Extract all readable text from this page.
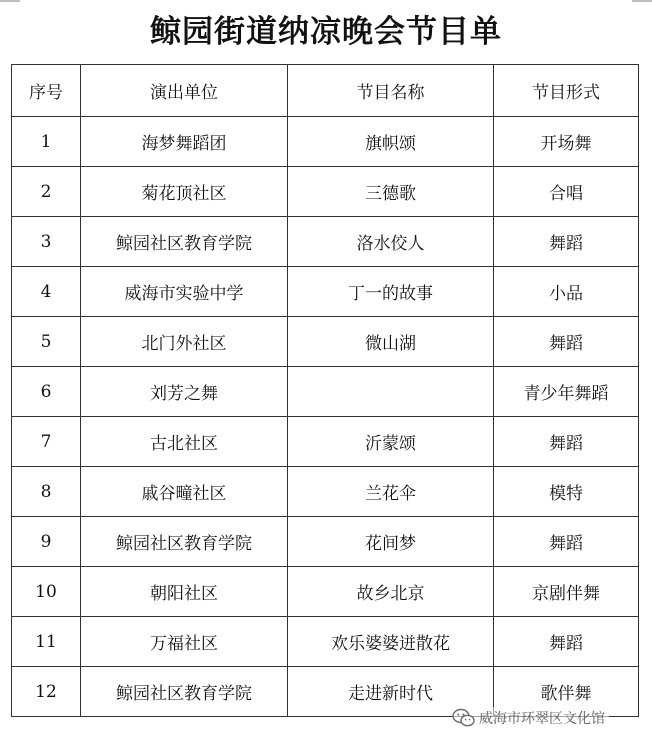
鲸园街道纳凉晚会节目单
序号	演出单位	节目名称	节目形式
1	海梦舞蹈团	旗帜颂	开场舞
2	菊花顶社区	三德歌	合唱
3	鲸园社区教育学院	洛水佼人	舞蹈
4	威海市实验中学	丁一的故事	小品
5	北门外社区	微山湖	舞蹈
6	刘芳之舞		青少年舞蹈
7	古北社区	沂蒙颂	舞蹈
8	戚谷疃社区	兰花伞	模特
9	鲸园社区教育学院	花间梦	舞蹈
10	朝阳社区	故乡北京	京剧伴舞
11	万福社区	欢乐婆婆迸散花	舞蹈
12	鲸园社区教育学院	走进新时代	歌伴舞
威海市环翠区文化馆
